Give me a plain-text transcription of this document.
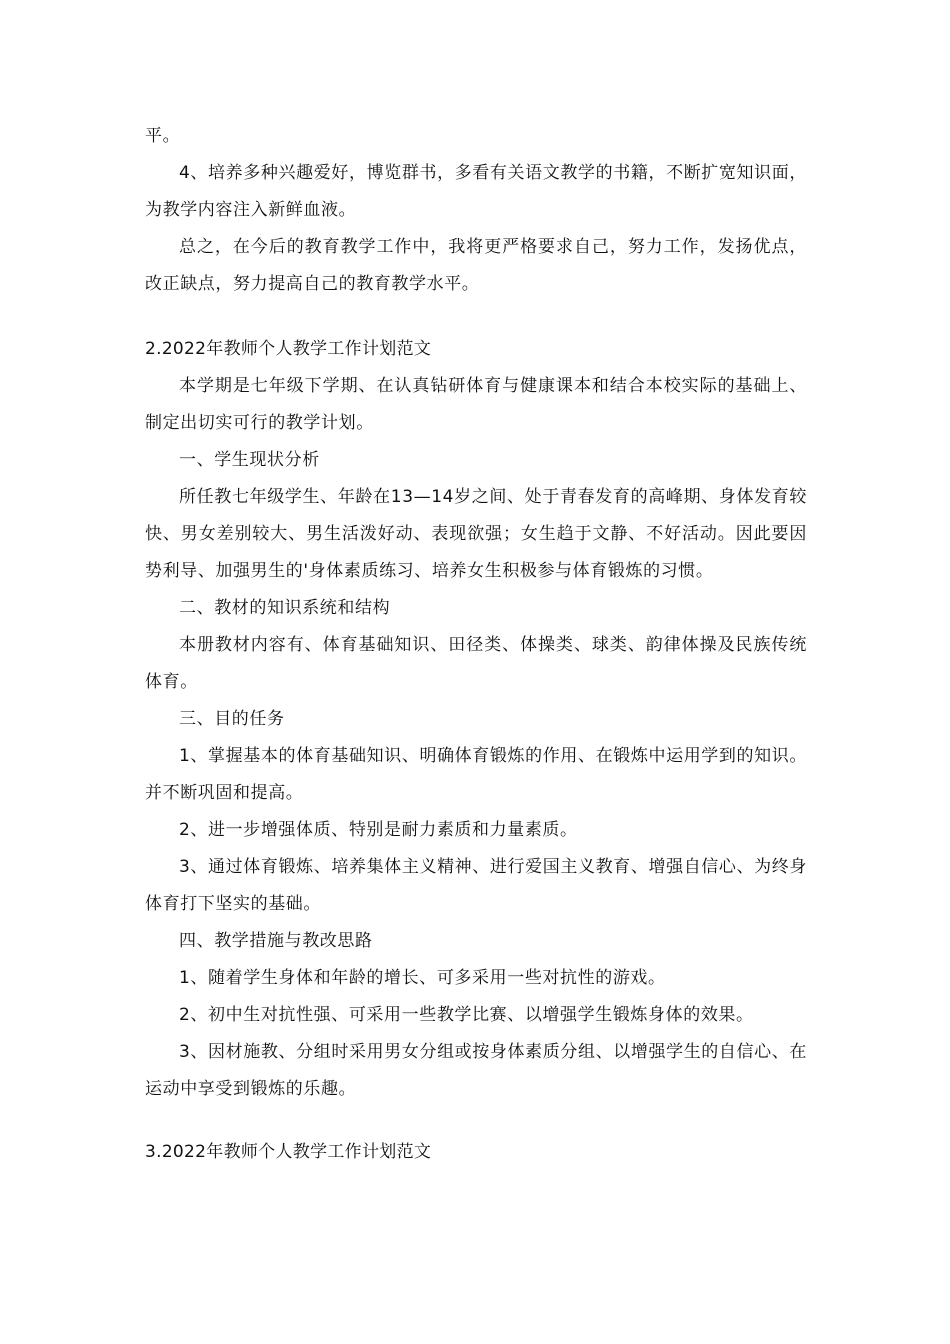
平。

4、培养多种兴趣爱好，博览群书，多看有关语文教学的书籍，不断扩宽知识面，为教学内容注入新鲜血液。

总之，在今后的教育教学工作中，我将更严格要求自己，努力工作，发扬优点，改正缺点，努力提高自己的教育教学水平。

2.2022年教师个人教学工作计划范文

本学期是七年级下学期、在认真钻研体育与健康课本和结合本校实际的基础上、制定出切实可行的教学计划。

一、学生现状分析

所任教七年级学生、年龄在13—14岁之间、处于青春发育的高峰期、身体发育较快、男女差别较大、男生活泼好动、表现欲强；女生趋于文静、不好活动。因此要因势利导、加强男生的'身体素质练习、培养女生积极参与体育锻炼的习惯。

二、教材的知识系统和结构

本册教材内容有、体育基础知识、田径类、体操类、球类、韵律体操及民族传统体育。

三、目的任务

1、掌握基本的体育基础知识、明确体育锻炼的作用、在锻炼中运用学到的知识。并不断巩固和提高。

2、进一步增强体质、特别是耐力素质和力量素质。

3、通过体育锻炼、培养集体主义精神、进行爱国主义教育、增强自信心、为终身体育打下坚实的基础。

四、教学措施与教改思路

1、随着学生身体和年龄的增长、可多采用一些对抗性的游戏。

2、初中生对抗性强、可采用一些教学比赛、以增强学生锻炼身体的效果。

3、因材施教、分组时采用男女分组或按身体素质分组、以增强学生的自信心、在运动中享受到锻炼的乐趣。

3.2022年教师个人教学工作计划范文
